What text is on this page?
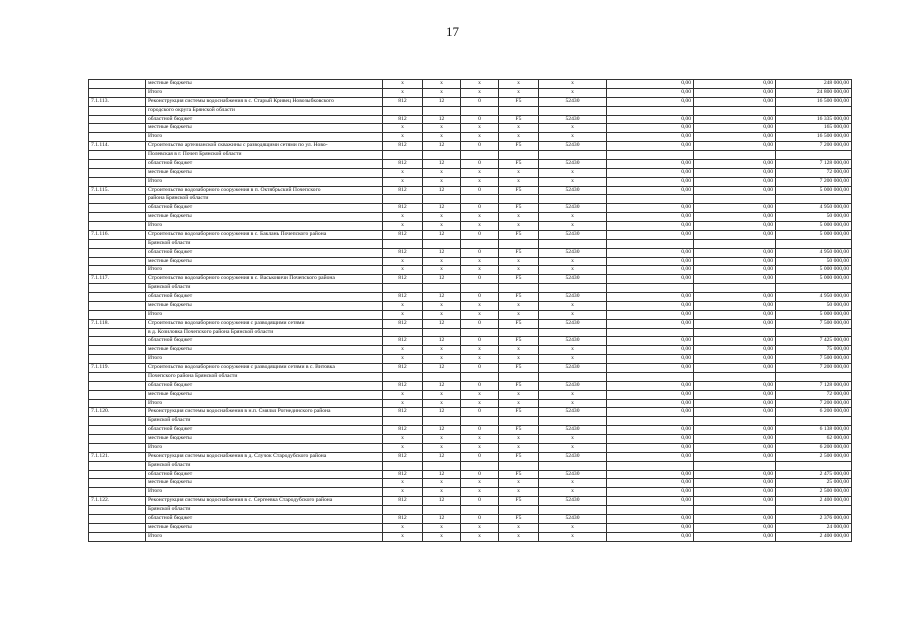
17
	местные бюджеты	x	x	x	x	x	0,00	0,00	248 000,00
	Итого	x	x	x	x	x	0,00	0,00	24 800 000,00
7.1.113.	Реконструкция системы водоснабжения в с. Старый Кривец Новозыбковского	812	12	0	F5	52430	0,00	0,00	16 500 000,00
	городского округа Брянской области								
	областной бюджет	812	12	0	F5	52430	0,00	0,00	16 335 000,00
	местные бюджеты	x	x	x	x	x	0,00	0,00	165 000,00
	Итого	x	x	x	x	x	0,00	0,00	16 500 000,00
7.1.114.	Строительство артезианской скважины с разводящими сетями по ул. Ново-	812	12	0	F5	52430	0,00	0,00	7 200 000,00
	Полевская в г. Почеп Брянской области								
	областной бюджет	812	12	0	F5	52430	0,00	0,00	7 128 000,00
	местные бюджеты	x	x	x	x	x	0,00	0,00	72 000,00
	Итого	x	x	x	x	x	0,00	0,00	7 200 000,00
7.1.115.	Строительство водозаборного сооружения в п. Октябрьский Почепского	812	12	0	F5	52430	0,00	0,00	5 000 000,00
	района Брянской области								
	областной бюджет	812	12	0	F5	52430	0,00	0,00	4 950 000,00
	местные бюджеты	x	x	x	x	x	0,00	0,00	50 000,00
	Итого	x	x	x	x	x	0,00	0,00	5 000 000,00
7.1.116.	Строительство водозаборного сооружения в с. Баклань Почепского района	812	12	0	F5	52430	0,00	0,00	5 000 000,00
	Брянской области								
	областной бюджет	812	12	0	F5	52430	0,00	0,00	4 950 000,00
	местные бюджеты	x	x	x	x	x	0,00	0,00	50 000,00
	Итого	x	x	x	x	x	0,00	0,00	5 000 000,00
7.1.117.	Строительство водозаборного сооружения в с. Васьковичи Почепского района	812	12	0	F5	52430	0,00	0,00	5 000 000,00
	Брянской области								
	областной бюджет	812	12	0	F5	52430	0,00	0,00	4 950 000,00
	местные бюджеты	x	x	x	x	x	0,00	0,00	50 000,00
	Итого	x	x	x	x	x	0,00	0,00	5 000 000,00
7.1.118.	Строительство водозаборного сооружения с разводящими сетями	812	12	0	F5	52430	0,00	0,00	7 500 000,00
	в д. Козиловка Почепского района Брянской области								
	областной бюджет	812	12	0	F5	52430	0,00	0,00	7 425 000,00
	местные бюджеты	x	x	x	x	x	0,00	0,00	75 000,00
	Итого	x	x	x	x	x	0,00	0,00	7 500 000,00
7.1.119.	Строительство водозаборного сооружения с разводящими сетями в с. Витовка	812	12	0	F5	52430	0,00	0,00	7 200 000,00
	Почепского района Брянской области								
	областной бюджет	812	12	0	F5	52430	0,00	0,00	7 128 000,00
	местные бюджеты	x	x	x	x	x	0,00	0,00	72 000,00
	Итого	x	x	x	x	x	0,00	0,00	7 200 000,00
7.1.120.	Реконструкция системы водоснабжения в н.п. Смяльч Рогнединского района	812	12	0	F5	52430	0,00	0,00	6 200 000,00
	Брянской области								
	областной бюджет	812	12	0	F5	52430	0,00	0,00	6 138 000,00
	местные бюджеты	x	x	x	x	x	0,00	0,00	62 000,00
	Итого	x	x	x	x	x	0,00	0,00	6 200 000,00
7.1.121.	Реконструкция системы водоснабжения в д. Случок Стародубского района	812	12	0	F5	52430	0,00	0,00	2 500 000,00
	Брянской области								
	областной бюджет	812	12	0	F5	52430	0,00	0,00	2 475 000,00
	местные бюджеты	x	x	x	x	x	0,00	0,00	25 000,00
	Итого	x	x	x	x	x	0,00	0,00	2 500 000,00
7.1.122.	Реконструкция системы водоснабжения в с. Сергеевка Стародубского района	812	12	0	F5	52430	0,00	0,00	2 400 000,00
	Брянской области								
	областной бюджет	812	12	0	F5	52430	0,00	0,00	2 376 000,00
	местные бюджеты	x	x	x	x	x	0,00	0,00	24 000,00
	Итого	x	x	x	x	x	0,00	0,00	2 400 000,00
